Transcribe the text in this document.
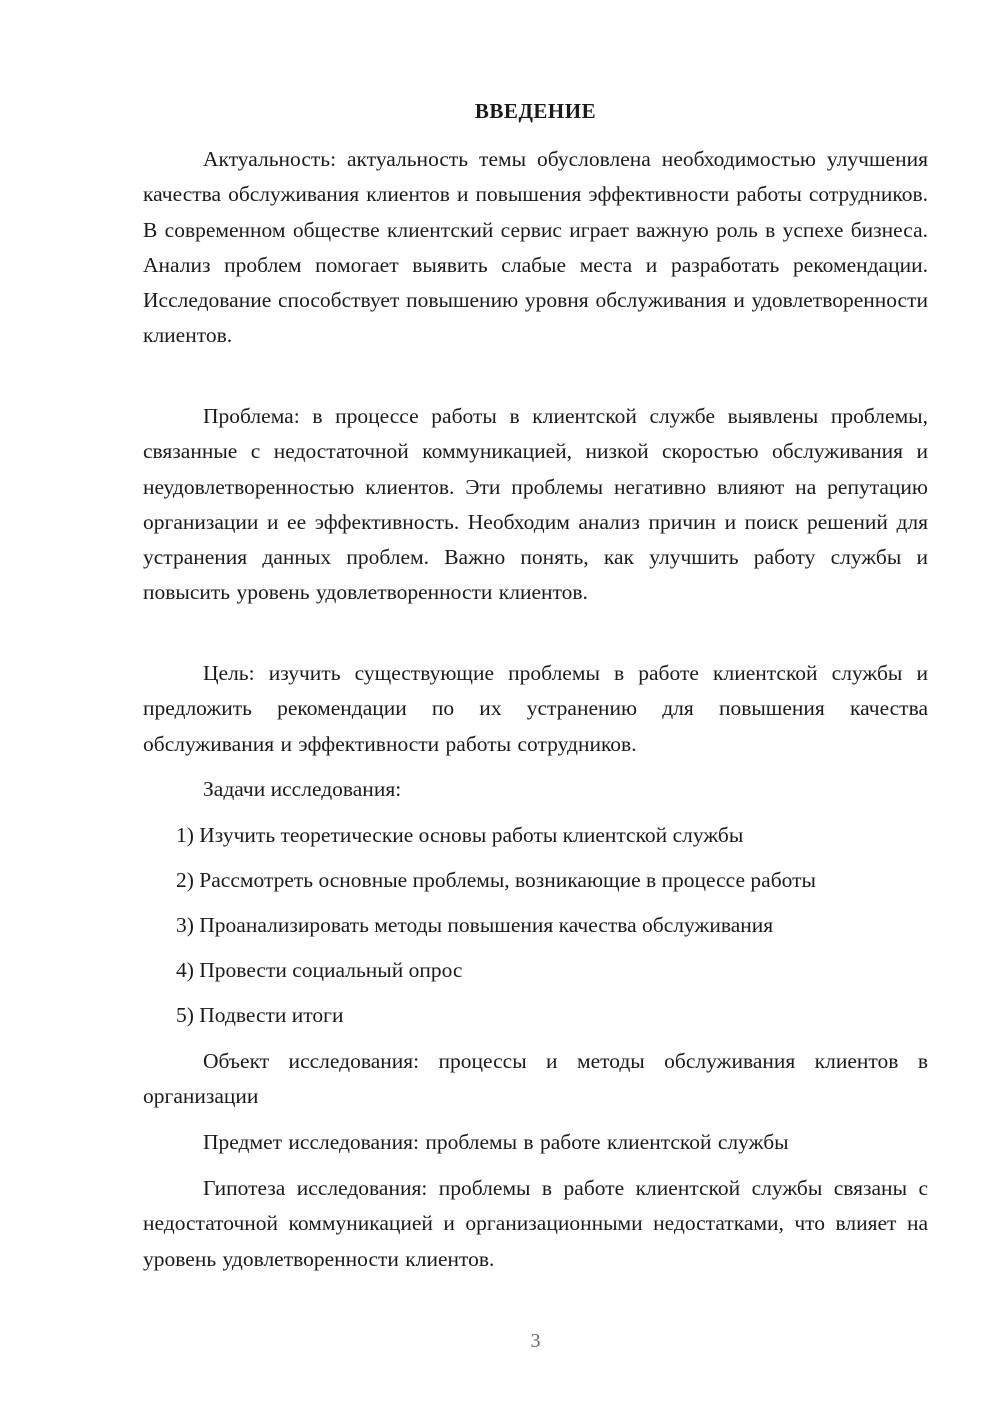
ВВЕДЕНИЕ
Актуальность: актуальность темы обусловлена необходимостью улучшения качества обслуживания клиентов и повышения эффективности работы сотрудников. В современном обществе клиентский сервис играет важную роль в успехе бизнеса. Анализ проблем помогает выявить слабые места и разработать рекомендации. Исследование способствует повышению уровня обслуживания и удовлетворенности клиентов.
Проблема: в процессе работы в клиентской службе выявлены проблемы, связанные с недостаточной коммуникацией, низкой скоростью обслуживания и неудовлетворенностью клиентов. Эти проблемы негативно влияют на репутацию организации и ее эффективность. Необходим анализ причин и поиск решений для устранения данных проблем. Важно понять, как улучшить работу службы и повысить уровень удовлетворенности клиентов.
Цель: изучить существующие проблемы в работе клиентской службы и предложить рекомендации по их устранению для повышения качества обслуживания и эффективности работы сотрудников.
Задачи исследования:
1) Изучить теоретические основы работы клиентской службы
2) Рассмотреть основные проблемы, возникающие в процессе работы
3) Проанализировать методы повышения качества обслуживания
4) Провести социальный опрос
5) Подвести итоги
Объект исследования: процессы и методы обслуживания клиентов в организации
Предмет исследования: проблемы в работе клиентской службы
Гипотеза исследования: проблемы в работе клиентской службы связаны с недостаточной коммуникацией и организационными недостатками, что влияет на уровень удовлетворенности клиентов.
3
